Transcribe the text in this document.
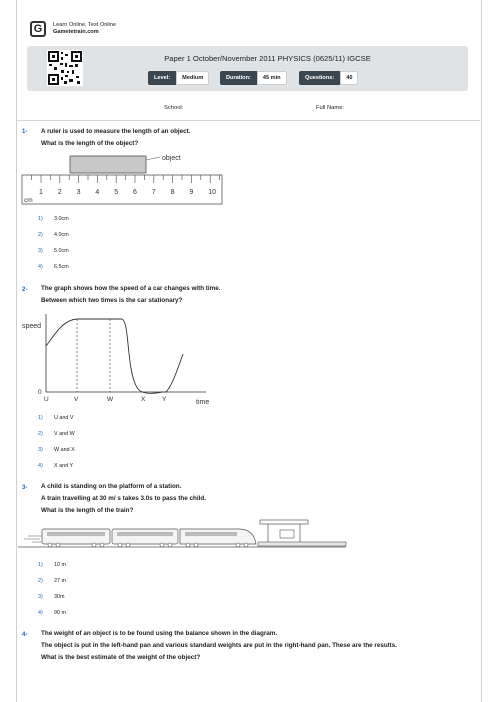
G	Learn Online, Test Online
Gametetrain.com
Paper 1 October/November 2011 PHYSICS (0625/11) IGCSE
Level:	Medium	Duration:	45 min	Questions:	40
School:	Full Name:
1- A ruler is used to measure the length of an object.
What is the length of the object?
object
1 2 3 4 5 6 7 8 9 10
cm
1)	3.0cm
2)	4.0cm
3)	5.0cm
4)	6.5cm
2- The graph shows how the speed of a car changes with time.
Between which two times is the car stationary?
speed
0
U	V	W	X	Y	time
1)	U and V
2)	V and W
3)	W and X
4)	X and Y
3- A child is standing on the platform of a station.
A train travelling at 30 m/ s takes 3.0s to pass the child.
What is the length of the train?
1)	10 m
2)	27 m
3)	30m
4)	90 m
4- The weight of an object is to be found using the balance shown in the diagram.
The object is put in the left-hand pan and various standard weights are put in the right-hand pan. These are the results.
What is the best estimate of the weight of the object?
